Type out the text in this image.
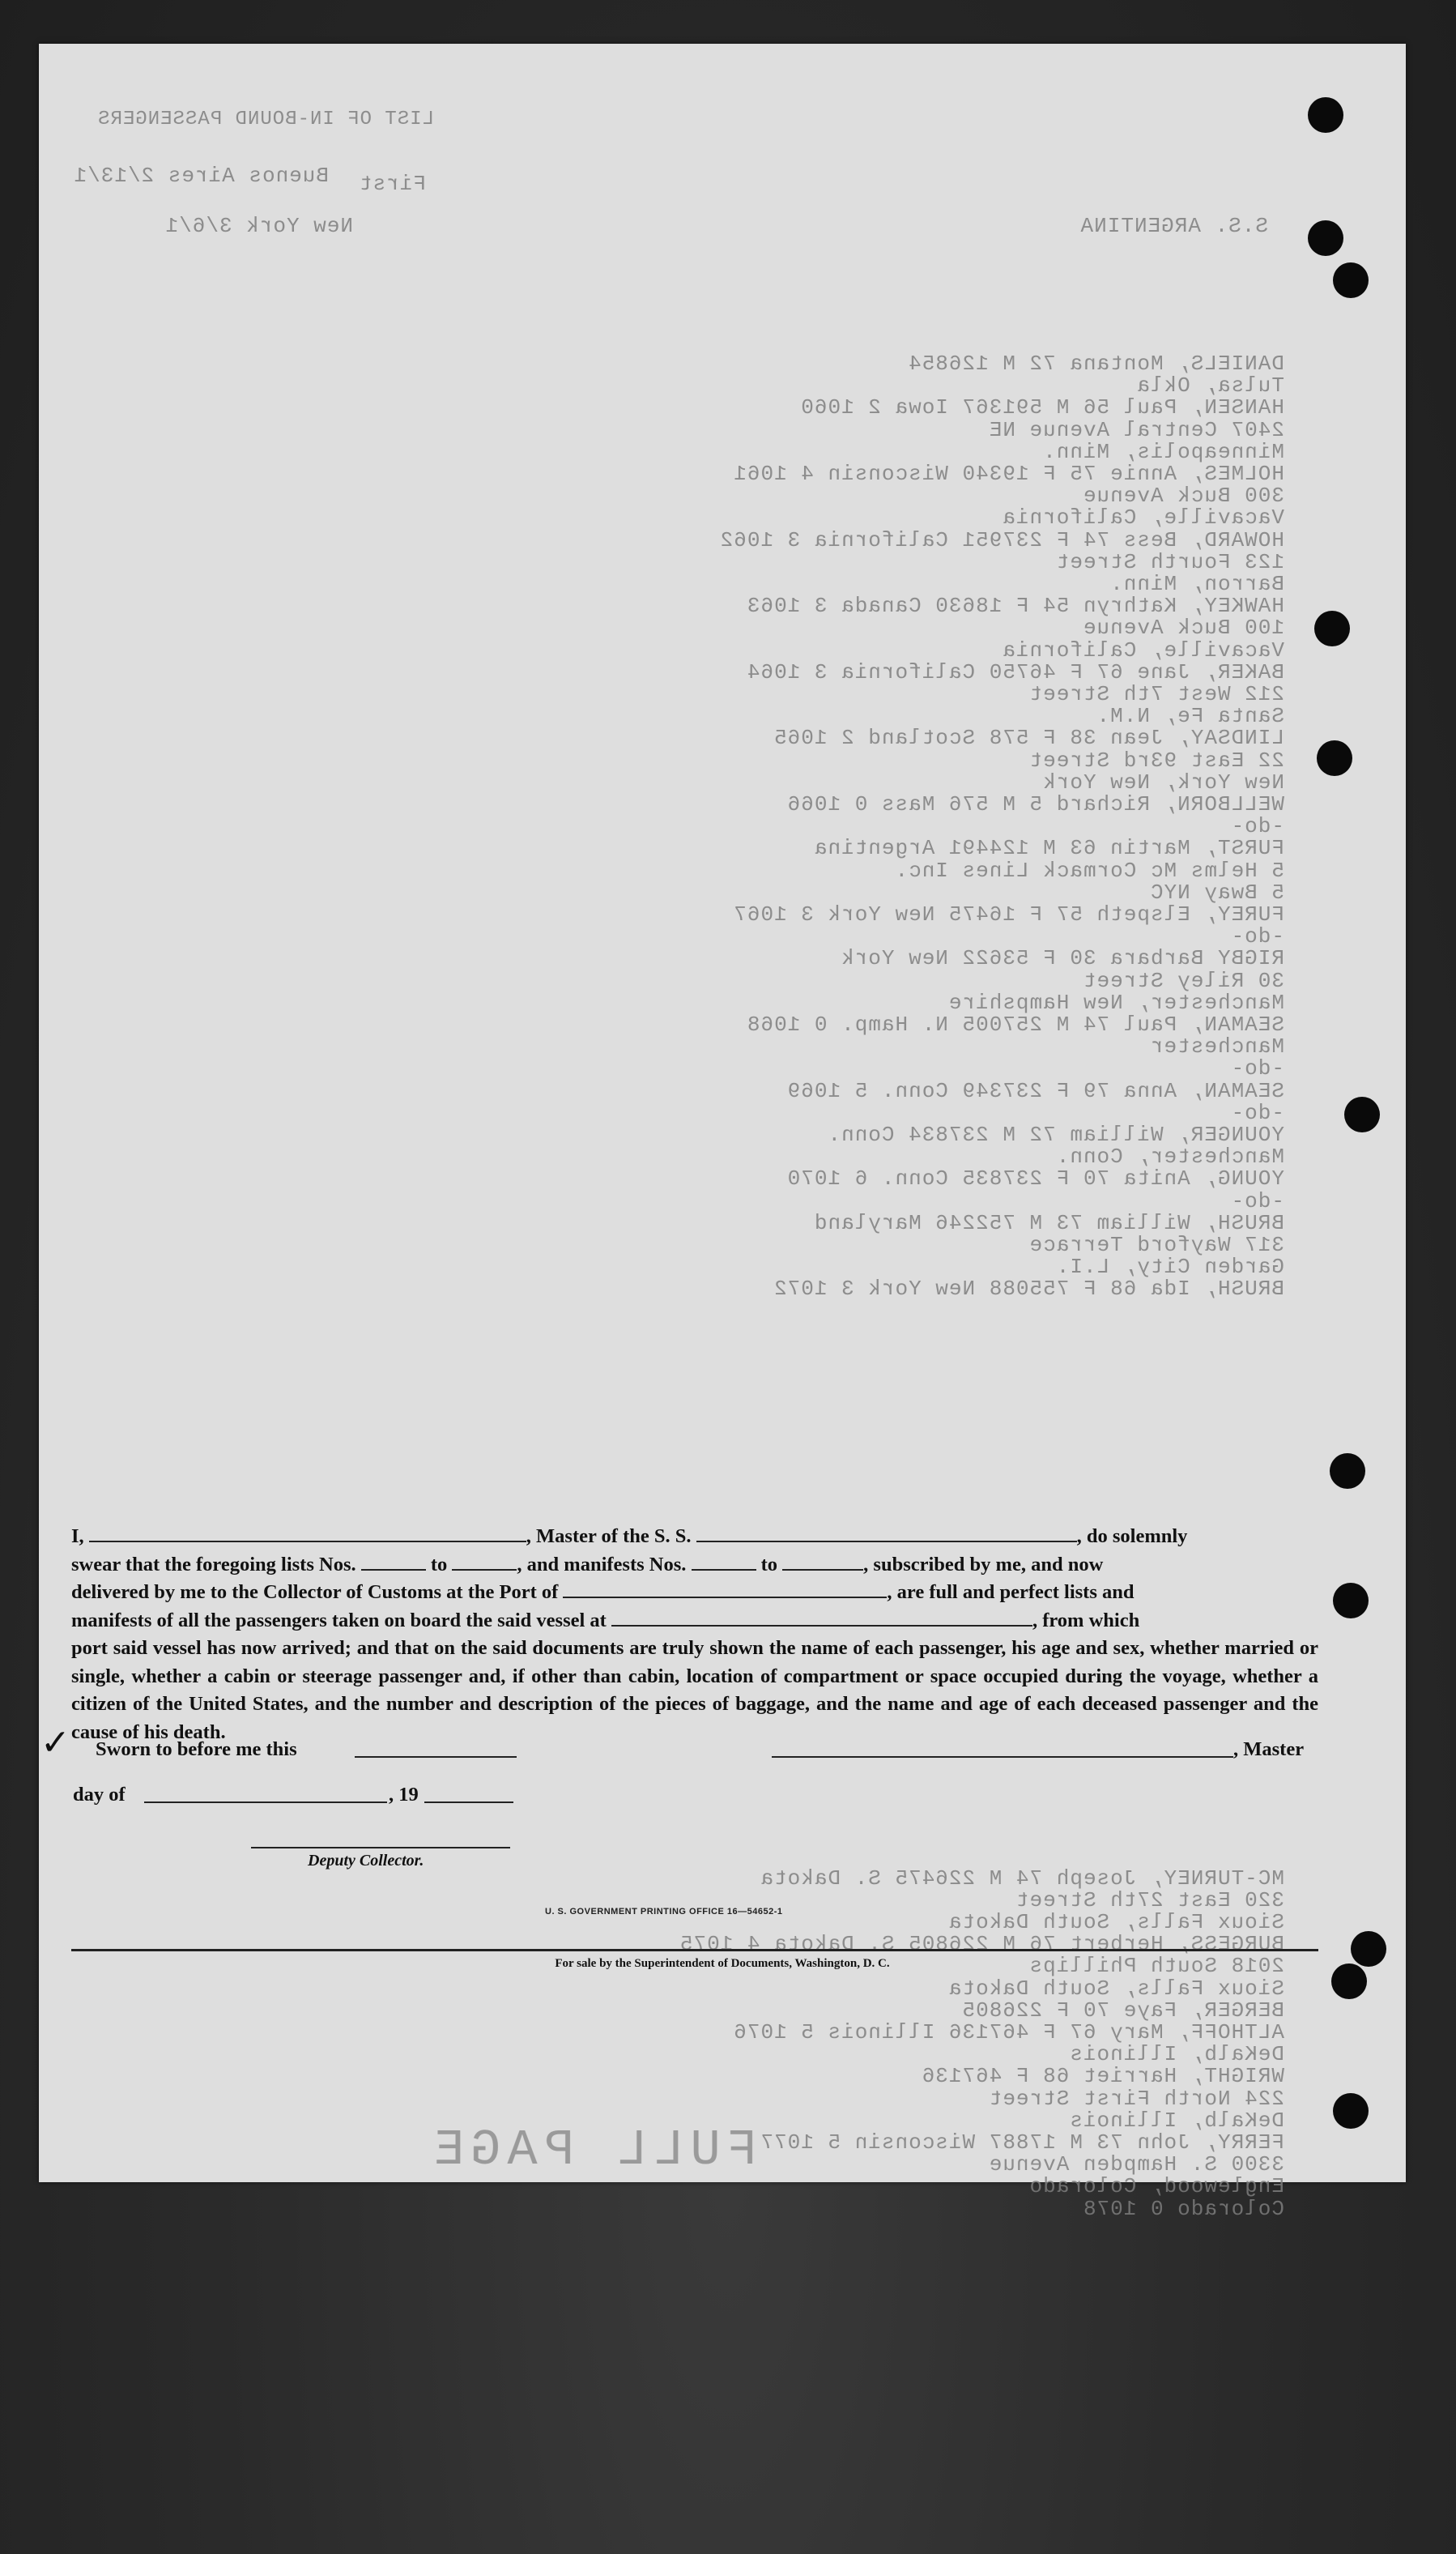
LIST OF IN-BOUND PASSENGERS
Buenos Aires 2/13/1 First
New York 3/6/1	S.S. ARGENTINA
DANIELS, Montana 72 M 126854
Tulsa, Okla
HANSEN, Paul 56 M 591367 Iowa 2 1060
2407 Central Avenue NE
Minneapolis, Minn.
HOLMES, Annie 75 F 19340 Wisconsin 4 1061
300 Buck Avenue
Vacaville, California
HOWARD, Bess 74 F 237951 California 3 1062
123 Fourth Street
Barron, Minn.
HAWKEY, Kathryn 54 F 18630 Canada 3 1063
100 Buck Avenue
Vacaville, California
BAKER, Jane 67 F 46750 California 3 1064
212 West 7th Street
Santa Fe, N.M.
LINDSAY, Jean 38 F 578 Scotland 2 1065
22 East 93rd Street
New York, New York
WELLBORN, Richard 5 M 576 Mass 0 1066
-do-
FURST, Martin 63 M 124491 Argentina
5 Helms Mc Cormack Lines Inc.
5 Bway NYC
FUREY, Elspeth 57 F 16475 New York 3 1067
-do-
RIGBY Barbara 30 F 53622 New York
30 Riley Street
Manchester, New Hampshire
SEAMAN, Paul 74 M 257005 N. Hamp. 0 1068
Manchester
-do-
SEAMAN, Anna 79 F 237349 Conn. 5 1069
-do-
YOUNGER, William 72 M 237834 Conn.
Manchester, Conn.
YOUNG, Anita 70 F 237835 Conn. 6 1070
-do-
BRUSH, William 73 M 752246 Maryland
317 Wayford Terrace
Garden City, L.I.
BRUSH, Ida 68 F 755088 New York 3 1072
MC-TURNEY, Joseph 74 M 226475 S. Dakota
320 East 27th Street
Sioux Falls, South Dakota
BURGESS, Herbert 76 M 226805 S. Dakota 4 1075
2018 South Phillips
Sioux Falls, South Dakota
BERGER, Faye 70 F 226805
ALTHOFF, Mary 67 F 467136 Illinois 5 1076
DeKalb, Illinois
WRIGHT, Harriet 68 F 467136
224 North First Street
DeKalb, Illinois
FERRY, John 73 M 17887 Wisconsin 5 1077
3300 S. Hampden Avenue
Englewood, Colorado
Colorado 0 1078

I,	, Master of the S. S.	, do solemnly

swear that the foregoing lists Nos.	to	, and manifests Nos.	to	, subscribed by me, and now

delivered by me to the Collector of Customs at the Port of	, are full and perfect lists and

manifests of all the passengers taken on board the said vessel at	, from which

port said vessel has now arrived; and that on the said documents are truly shown the name of each passenger, his age and sex, whether married or single, whether a cabin or steerage passenger and, if other than cabin, location of compartment or space occupied during the voyage, whether a citizen of the United States, and the number and description of the pieces of baggage, and the name and age of each deceased passenger and the cause of his death.

✓ Sworn to before me this	, Master
day of	, 19
Deputy Collector.
U. S. GOVERNMENT PRINTING OFFICE 16—54652-1
For sale by the Superintendent of Documents, Washington, D. C.
FULL PAGE
